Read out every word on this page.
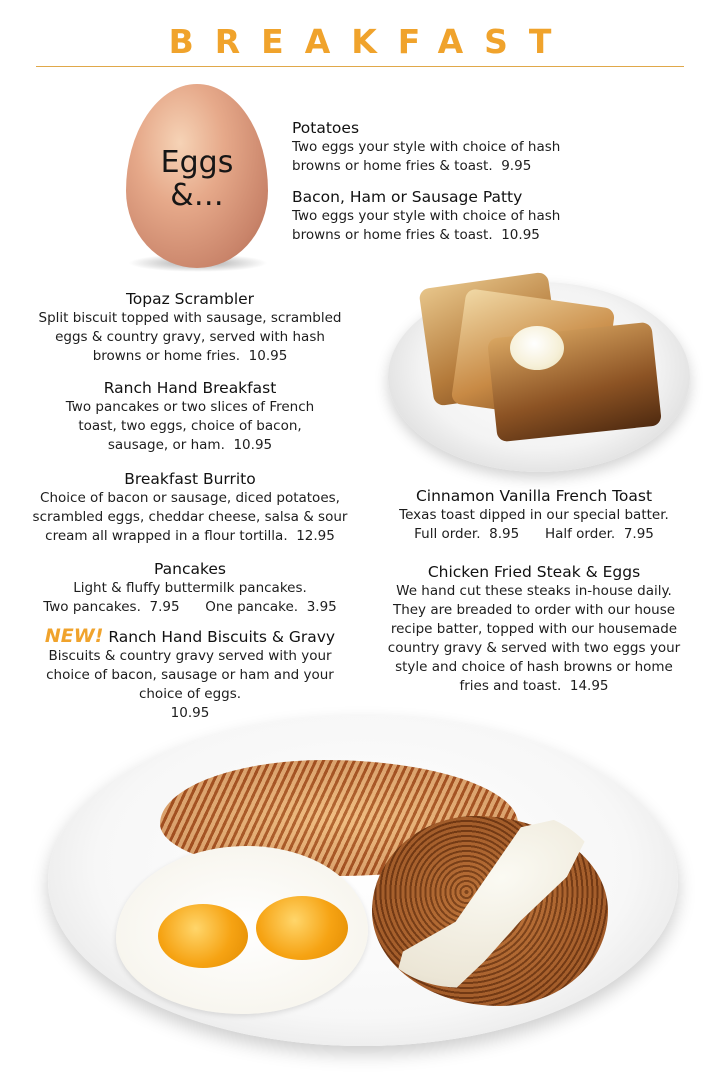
BREAKFAST
Eggs
&…
Potatoes
Two eggs your style with choice of hash browns or home fries & toast. 9.95
Bacon, Ham or Sausage Patty
Two eggs your style with choice of hash browns or home fries & toast. 10.95
Topaz Scrambler
Split biscuit topped with sausage, scrambled eggs & country gravy, served with hash browns or home fries. 10.95
Ranch Hand Breakfast
Two pancakes or two slices of French toast, two eggs, choice of bacon, sausage, or ham. 10.95
Breakfast Burrito
Choice of bacon or sausage, diced potatoes, scrambled eggs, cheddar cheese, salsa & sour cream all wrapped in a flour tortilla. 12.95
Pancakes
Light & fluffy buttermilk pancakes.
Two pancakes. 7.95 One pancake. 3.95
NEW! Ranch Hand Biscuits & Gravy
Biscuits & country gravy served with your choice of bacon, sausage or ham and your choice of eggs.
10.95
Cinnamon Vanilla French Toast
Texas toast dipped in our special batter.
Full order. 8.95 Half order. 7.95
Chicken Fried Steak & Eggs
We hand cut these steaks in-house daily. They are breaded to order with our house recipe batter, topped with our housemade country gravy & served with two eggs your style and choice of hash browns or home fries and toast. 14.95
